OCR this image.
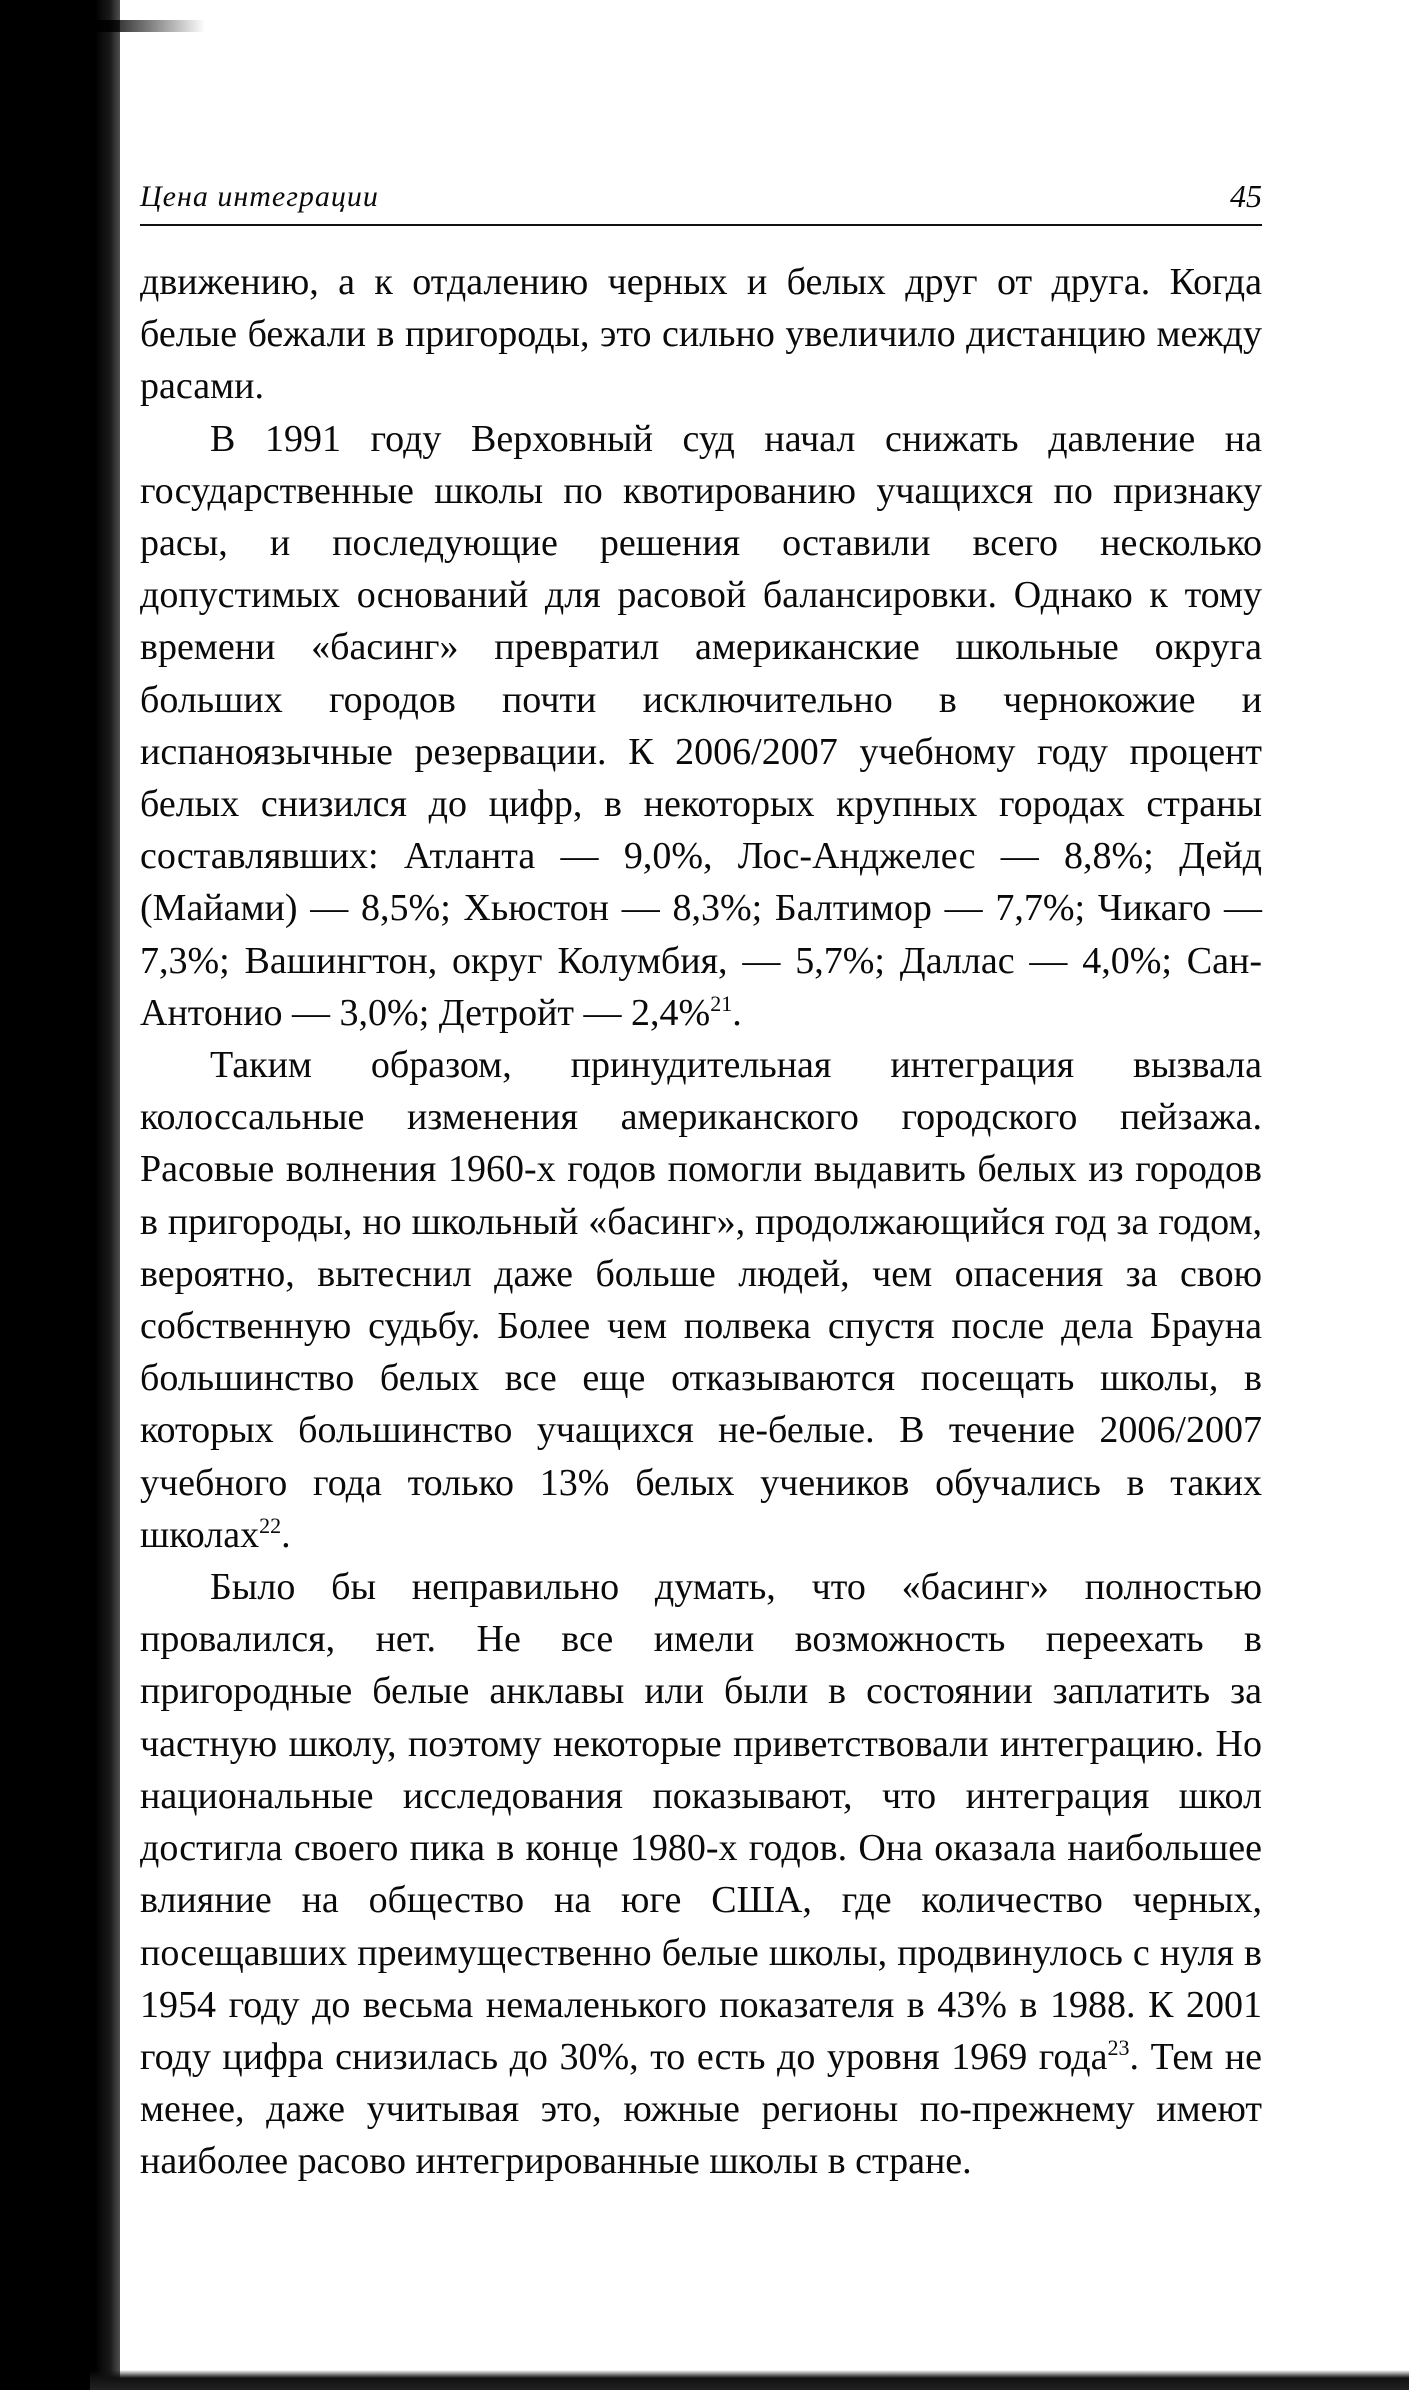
Цена интеграции	45

движению, а к отдалению черных и белых друг от друга. Когда белые бежали в пригороды, это сильно увеличило дистанцию между расами.

В 1991 году Верховный суд начал снижать давление на государственные школы по квотированию учащихся по признаку расы, и последующие решения оставили всего несколько допустимых оснований для расовой балансировки. Однако к тому времени «басинг» превратил американские школьные округа больших городов почти исключительно в чернокожие и испаноязычные резервации. К 2006/2007 учебному году процент белых снизился до цифр, в некоторых крупных городах страны составлявших: Атланта — 9,0%, Лос-Анджелес — 8,8%; Дейд (Майами) — 8,5%; Хьюстон — 8,3%; Балтимор — 7,7%; Чикаго — 7,3%; Вашингтон, округ Колумбия, — 5,7%; Даллас — 4,0%; Сан-Антонио — 3,0%; Детройт — 2,4%$^{21}$.

Таким образом, принудительная интеграция вызвала колоссальные изменения американского городского пейзажа. Расовые волнения 1960-х годов помогли выдавить белых из городов в пригороды, но школьный «басинг», продолжающийся год за годом, вероятно, вытеснил даже больше людей, чем опасения за свою собственную судьбу. Более чем полвека спустя после дела Брауна большинство белых все еще отказываются посещать школы, в которых большинство учащихся не-белые. В течение 2006/2007 учебного года только 13% белых учеников обучались в таких школах$^{22}$.

Было бы неправильно думать, что «басинг» полностью провалился, нет. Не все имели возможность переехать в пригородные белые анклавы или были в состоянии заплатить за частную школу, поэтому некоторые приветствовали интеграцию. Но национальные исследования показывают, что интеграция школ достигла своего пика в конце 1980-х годов. Она оказала наибольшее влияние на общество на юге США, где количество черных, посещавших преимущественно белые школы, продвинулось с нуля в 1954 году до весьма немаленького показателя в 43% в 1988. К 2001 году цифра снизилась до 30%, то есть до уровня 1969 года$^{23}$. Тем не менее, даже учитывая это, южные регионы по-прежнему имеют наиболее расово интегрированные школы в стране.
